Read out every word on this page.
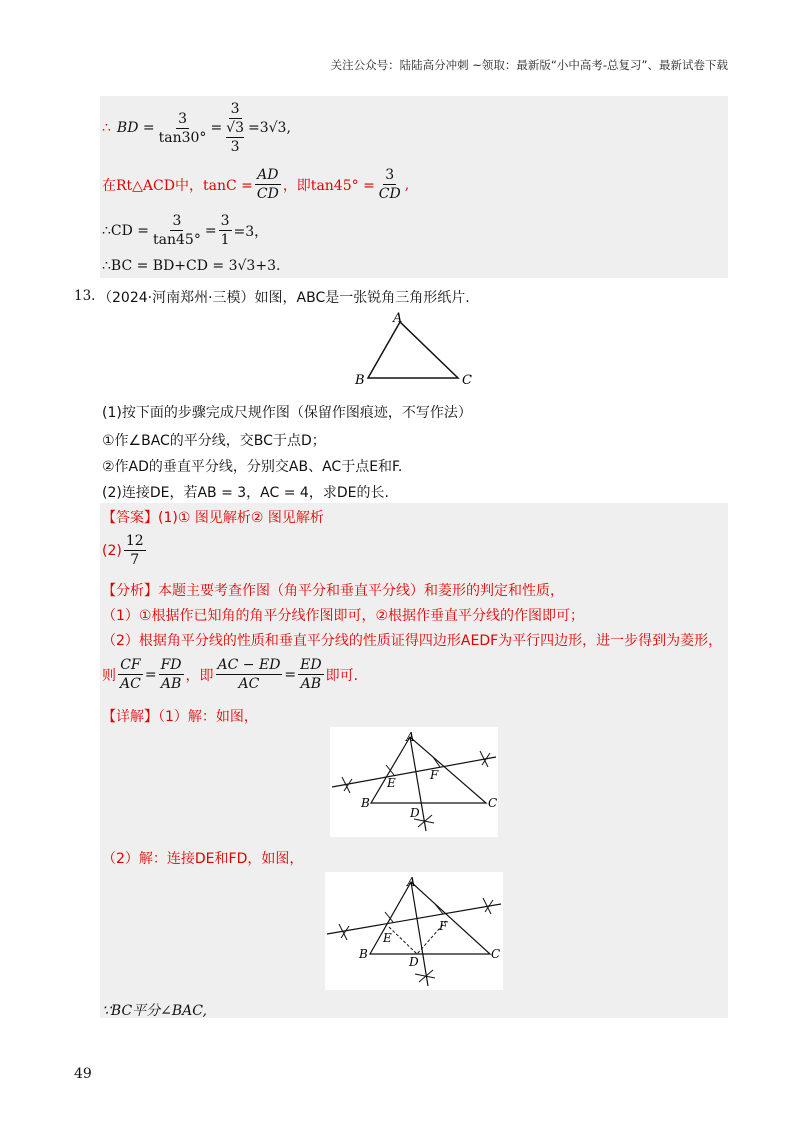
关注公众号：陆陆高分冲刺 ~领取：最新版“小中高考-总复习”、最新试卷下载
∴ BD = $\frac{3}{\tan 30^\circ} = 3$
√3
3 =3√3,
在Rt△ACD中，$\tan C = \frac{AD}{CD}$ ，即$\tan 45^\circ = \frac{3}{CD}$ ,
∴CD = $\frac{3}{\tan 45^\circ} = \frac{3}{1} =3$，
∴BC = BD+CD = 3√3+3.
13. （2024·河南郑州·三模）如图，ABC是一张锐角三角形纸片.
A
B	C
(1)按下面的步骤完成尺规作图（保留作图痕迹，不写作法）
①作∠BAC的平分线，交BC于点D；
②作AD的垂直平分线，分别交AB、AC于点E和F.
(2)连接DE，若AB = 3，AC = 4，求DE的长.
【答案】(1)① 图见解析② 图见解析
$(2) \frac{12}{7}$
【分析】本题主要考查作图（角平分和垂直平分线）和菱形的判定和性质，
（1）①根据作已知角的角平分线作图即可，②根据作垂直平分线的作图即可；
（2）根据角平分线的性质和垂直平分线的性质证得四边形AEDF为平行四边形，进一步得到为菱形，
则 $\frac{CF}{AC} = \frac{FD}{AB}$ ，即 $\frac{AC - ED}{AC} = \frac{ED}{AB}$ 即可.
【详解】（1）解：如图，
A
B	C
D
E
F
（2）解：连接DE和FD，如图，
A
B	C
D
E
F
∵BC平分∠BAC,
49
